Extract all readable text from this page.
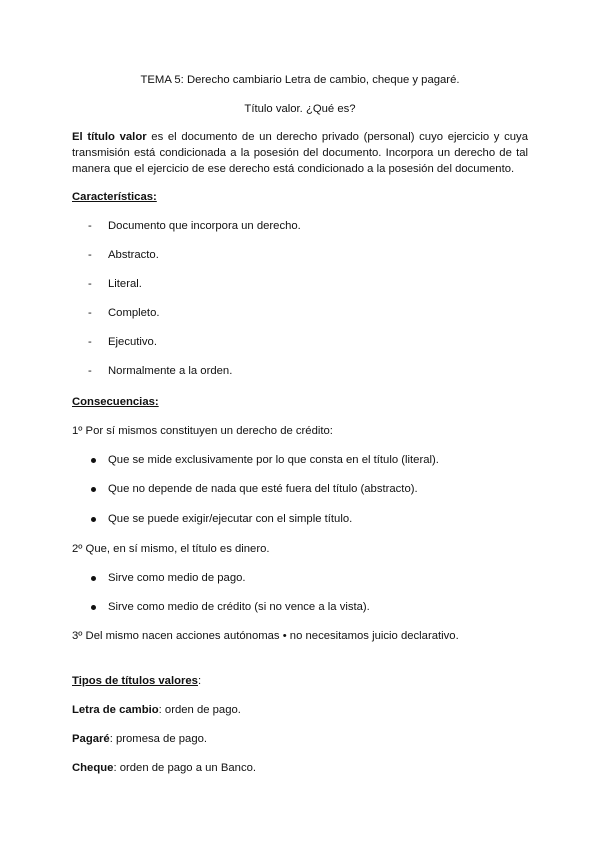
TEMA 5: Derecho cambiario Letra de cambio, cheque y pagaré.
Título valor. ¿Qué es?
El título valor es el documento de un derecho privado (personal) cuyo ejercicio y cuya
transmisión está condicionada a la posesión del documento. Incorpora un derecho de tal
manera que el ejercicio de ese derecho está condicionado a la posesión del documento.
Características:
- Documento que incorpora un derecho.
- Abstracto.
- Literal.
- Completo.
- Ejecutivo.
- Normalmente a la orden.
Consecuencias:
1º Por sí mismos constituyen un derecho de crédito:
Que se mide exclusivamente por lo que consta en el título (literal).
Que no depende de nada que esté fuera del título (abstracto).
Que se puede exigir/ejecutar con el simple título.
2º Que, en sí mismo, el título es dinero.
Sirve como medio de pago.
Sirve como medio de crédito (si no vence a la vista).
3º Del mismo nacen acciones autónomas • no necesitamos juicio declarativo.
Tipos de títulos valores:
Letra de cambio: orden de pago.
Pagaré: promesa de pago.
Cheque: orden de pago a un Banco.
